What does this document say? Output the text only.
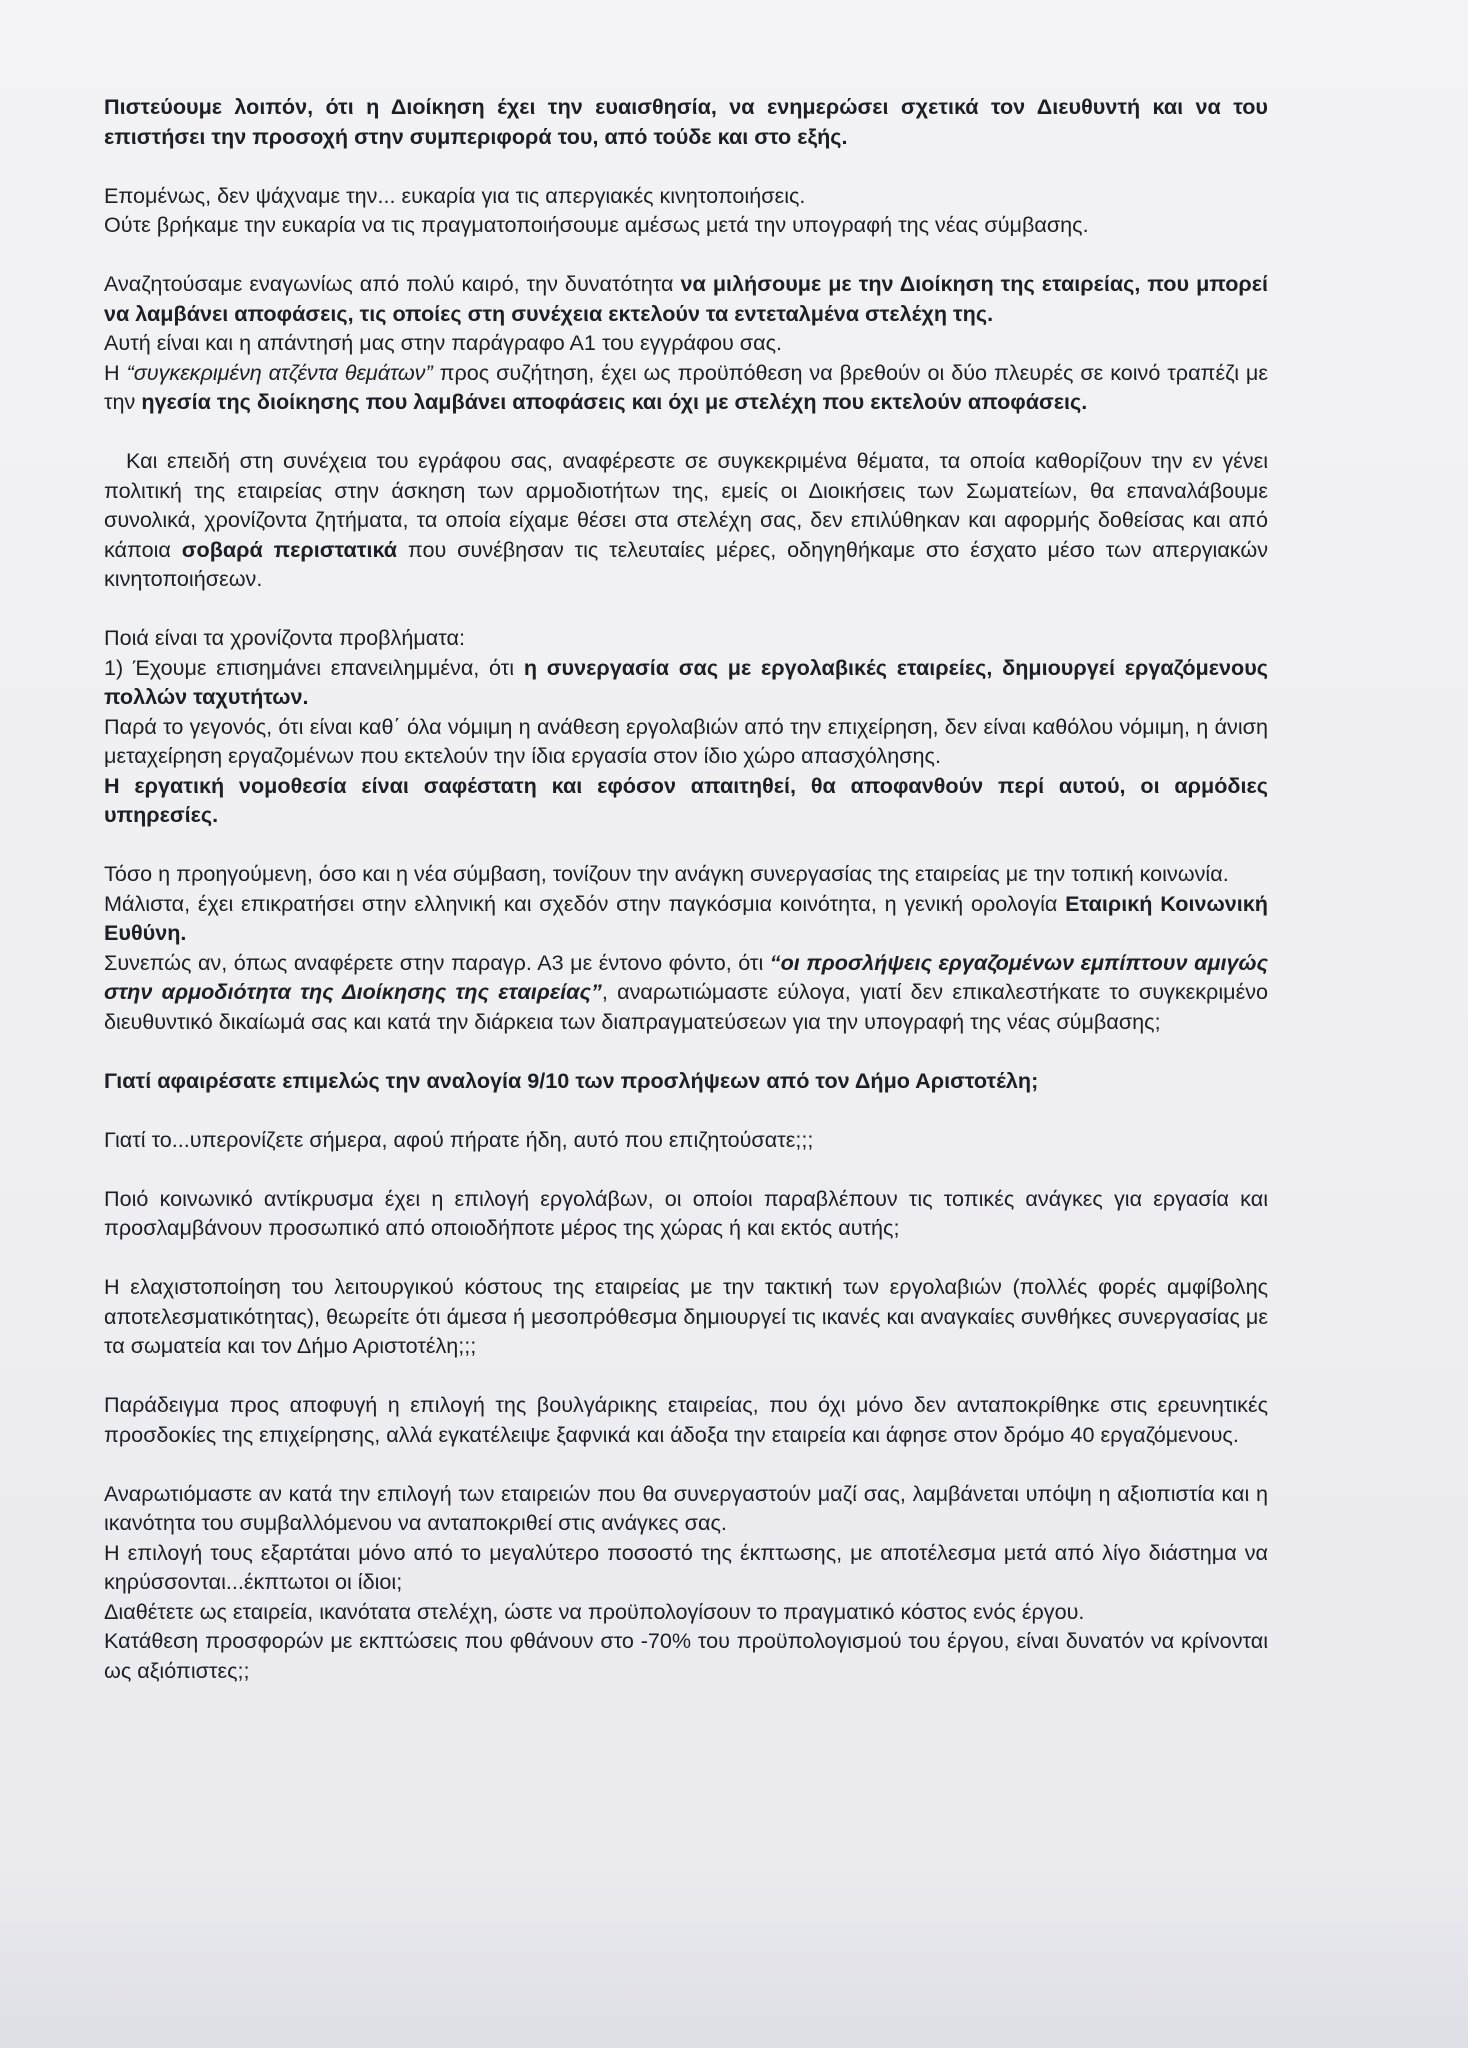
Πιστεύουμε λοιπόν, ότι η Διοίκηση έχει την ευαισθησία, να ενημερώσει σχετικά τον Διευθυντή και να του επιστήσει την προσοχή στην συμπεριφορά του, από τούδε και στο εξής.

Επομένως, δεν ψάχναμε την... ευκαρία για τις απεργιακές κινητοποιήσεις.
Ούτε βρήκαμε την ευκαρία να τις πραγματοποιήσουμε αμέσως μετά την υπογραφή της νέας σύμβασης.

Αναζητούσαμε εναγωνίως από πολύ καιρό, την δυνατότητα να μιλήσουμε με την Διοίκηση της εταιρείας, που μπορεί να λαμβάνει αποφάσεις, τις οποίες στη συνέχεια εκτελούν τα εντεταλμένα στελέχη της.
Αυτή είναι και η απάντησή μας στην παράγραφο Α1 του εγγράφου σας.
Η “συγκεκριμένη ατζέντα θεμάτων” προς συζήτηση, έχει ως προϋπόθεση να βρεθούν οι δύο πλευρές σε κοινό τραπέζι με την ηγεσία της διοίκησης που λαμβάνει αποφάσεις και όχι με στελέχη που εκτελούν αποφάσεις.

Και επειδή στη συνέχεια του εγράφου σας, αναφέρεστε σε συγκεκριμένα θέματα, τα οποία καθορίζουν την εν γένει πολιτική της εταιρείας στην άσκηση των αρμοδιοτήτων της, εμείς οι Διοικήσεις των Σωματείων, θα επαναλάβουμε συνολικά, χρονίζοντα ζητήματα, τα οποία είχαμε θέσει στα στελέχη σας, δεν επιλύθηκαν και αφορμής δοθείσας και από κάποια σοβαρά περιστατικά που συνέβησαν τις τελευταίες μέρες, οδηγηθήκαμε στο έσχατο μέσο των απεργιακών κινητοποιήσεων.

Ποιά είναι τα χρονίζοντα προβλήματα:
1) Έχουμε επισημάνει επανειλημμένα, ότι η συνεργασία σας με εργολαβικές εταιρείες, δημιουργεί εργαζόμενους πολλών ταχυτήτων.
Παρά το γεγονός, ότι είναι καθ΄ όλα νόμιμη η ανάθεση εργολαβιών από την επιχείρηση, δεν είναι καθόλου νόμιμη, η άνιση μεταχείρηση εργαζομένων που εκτελούν την ίδια εργασία στον ίδιο χώρο απασχόλησης.
Η εργατική νομοθεσία είναι σαφέστατη και εφόσον απαιτηθεί, θα αποφανθούν περί αυτού, οι αρμόδιες υπηρεσίες.

Τόσο η προηγούμενη, όσο και η νέα σύμβαση, τονίζουν την ανάγκη συνεργασίας της εταιρείας με την τοπική κοινωνία.
Μάλιστα, έχει επικρατήσει στην ελληνική και σχεδόν στην παγκόσμια κοινότητα, η γενική ορολογία Εταιρική Κοινωνική Ευθύνη.
Συνεπώς αν, όπως αναφέρετε στην παραγρ. Α3 με έντονο φόντο, ότι “οι προσλήψεις εργαζομένων εμπίπτουν αμιγώς στην αρμοδιότητα της Διοίκησης της εταιρείας”, αναρωτιώμαστε εύλογα, γιατί δεν επικαλεστήκατε το συγκεκριμένο διευθυντικό δικαίωμά σας και κατά την διάρκεια των διαπραγματεύσεων για την υπογραφή της νέας σύμβασης;

Γιατί αφαιρέσατε επιμελώς την αναλογία 9/10 των προσλήψεων από τον Δήμο Αριστοτέλη;

Γιατί το...υπερονίζετε σήμερα, αφού πήρατε ήδη, αυτό που επιζητούσατε;;;

Ποιό κοινωνικό αντίκρυσμα έχει η επιλογή εργολάβων, οι οποίοι παραβλέπουν τις τοπικές ανάγκες για εργασία και προσλαμβάνουν προσωπικό από οποιοδήποτε μέρος της χώρας ή και εκτός αυτής;

Η ελαχιστοποίηση του λειτουργικού κόστους της εταιρείας με την τακτική των εργολαβιών (πολλές φορές αμφίβολης αποτελεσματικότητας), θεωρείτε ότι άμεσα ή μεσοπρόθεσμα δημιουργεί τις ικανές και αναγκαίες συνθήκες συνεργασίας με τα σωματεία και τον Δήμο Αριστοτέλη;;;

Παράδειγμα προς αποφυγή η επιλογή της βουλγάρικης εταιρείας, που όχι μόνο δεν ανταποκρίθηκε στις ερευνητικές προσδοκίες της επιχείρησης, αλλά εγκατέλειψε ξαφνικά και άδοξα την εταιρεία και άφησε στον δρόμο 40 εργαζόμενους.

Αναρωτιόμαστε αν κατά την επιλογή των εταιρειών που θα συνεργαστούν μαζί σας, λαμβάνεται υπόψη η αξιοπιστία και η ικανότητα του συμβαλλόμενου να ανταποκριθεί στις ανάγκες σας.
Η επιλογή τους εξαρτάται μόνο από το μεγαλύτερο ποσοστό της έκπτωσης, με αποτέλεσμα μετά από λίγο διάστημα να κηρύσσονται...έκπτωτοι οι ίδιοι;
Διαθέτετε ως εταιρεία, ικανότατα στελέχη, ώστε να προϋπολογίσουν το πραγματικό κόστος ενός έργου.
Κατάθεση προσφορών με εκπτώσεις που φθάνουν στο -70% του προϋπολογισμού του έργου, είναι δυνατόν να κρίνονται ως αξιόπιστες;;
